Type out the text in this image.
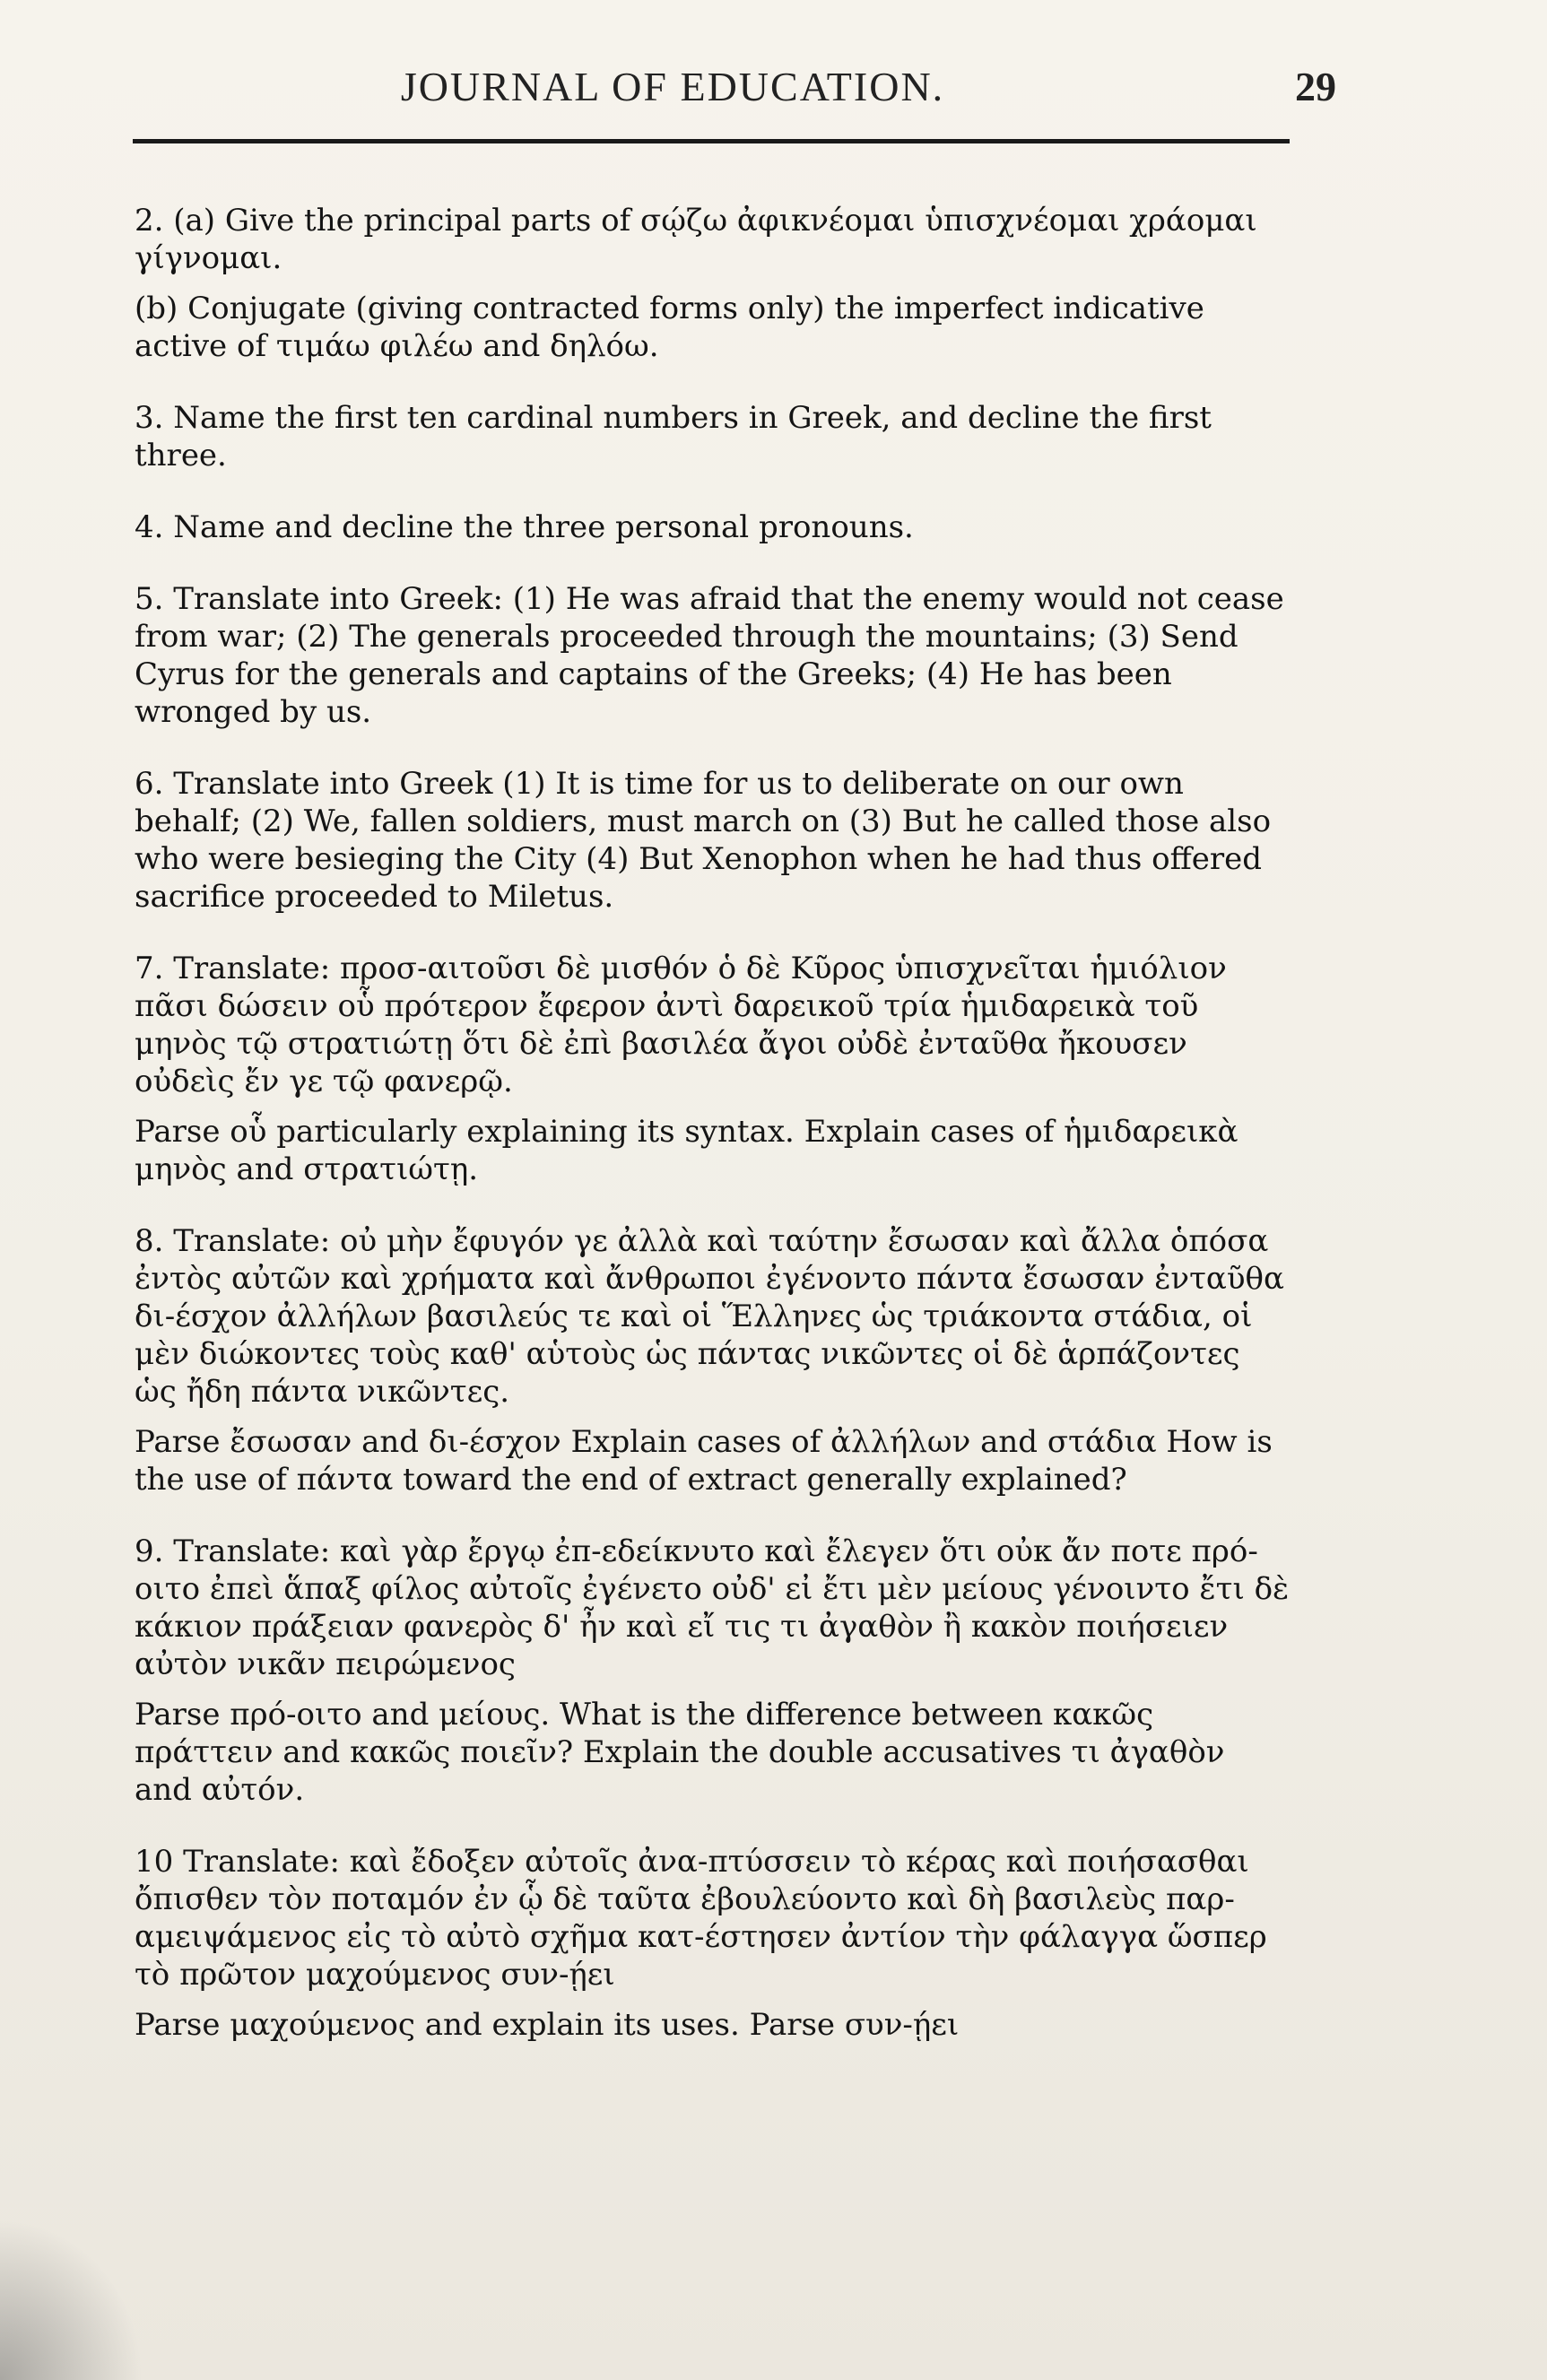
JOURNAL OF EDUCATION.	29

2. (a) Give the principal parts of σῴζω ἀφικνέομαι ὑπισχνέομαι χράομαι γίγνομαι.

(b) Conjugate (giving contracted forms only) the imperfect indicative active of τιμάω φιλέω and δηλόω.

3. Name the first ten cardinal numbers in Greek, and decline the first three.

4. Name and decline the three personal pronouns.

5. Translate into Greek: (1) He was afraid that the enemy would not cease from war; (2) The generals proceeded through the mountains; (3) Send Cyrus for the generals and captains of the Greeks; (4) He has been wronged by us.

6. Translate into Greek (1) It is time for us to deliberate on our own behalf; (2) We, fallen soldiers, must march on (3) But he called those also who were besieging the City (4) But Xenophon when he had thus offered sacrifice proceeded to Miletus.

7. Translate: προσ-αιτοῦσι δὲ μισθόν ὁ δὲ Κῦρος ὑπισχνεῖται ἡμιόλιον πᾶσι δώσειν οὗ πρότερον ἔφερον ἀντὶ δαρεικοῦ τρία ἡμιδαρεικὰ τοῦ μηνὸς τῷ στρατιώτῃ ὅτι δὲ ἐπὶ βασιλέα ἄγοι οὐδὲ ἐνταῦθα ἤκουσεν οὐδεὶς ἔν γε τῷ φανερῷ.

Parse οὗ particularly explaining its syntax. Explain cases of ἡμιδαρεικὰ μηνὸς and στρατιώτῃ.

8. Translate: οὐ μὴν ἔφυγόν γε ἀλλὰ καὶ ταύτην ἔσωσαν καὶ ἄλλα ὁπόσα ἐντὸς αὐτῶν καὶ χρήματα καὶ ἄνθρωποι ἐγένοντο πάντα ἔσωσαν ἐνταῦθα δι-έσχον ἀλλήλων βασιλεύς τε καὶ οἱ Ἕλληνες ὡς τριάκοντα στάδια, οἱ μὲν διώκοντες τοὺς καθ' αὑτοὺς ὡς πάντας νικῶντες οἱ δὲ ἁρπάζοντες ὡς ἤδη πάντα νικῶντες.

Parse ἔσωσαν and δι-έσχον Explain cases of ἀλλήλων and στάδια How is the use of πάντα toward the end of extract generally explained?

9. Translate: καὶ γὰρ ἔργῳ ἐπ-εδείκνυτο καὶ ἔλεγεν ὅτι οὐκ ἄν ποτε πρό-οιτο ἐπεὶ ἅπαξ φίλος αὐτοῖς ἐγένετο οὐδ' εἰ ἔτι μὲν μείους γένοιντο ἔτι δὲ κάκιον πράξειαν φανερὸς δ' ἦν καὶ εἴ τις τι ἀγαθὸν ἢ κακὸν ποιήσειεν αὐτὸν νικᾶν πειρώμενος

Parse πρό-οιτο and μείους. What is the difference between κακῶς πράττειν and κακῶς ποιεῖν? Explain the double accusatives τι ἀγαθὸν and αὐτόν.

10 Translate: καὶ ἔδοξεν αὐτοῖς ἀνα-πτύσσειν τὸ κέρας καὶ ποιήσασθαι ὄπισθεν τὸν ποταμόν ἐν ᾧ δὲ ταῦτα ἐβουλεύοντο καὶ δὴ βασιλεὺς παρ-αμειψάμενος εἰς τὸ αὐτὸ σχῆμα κατ-έστησεν ἀντίον τὴν φάλαγγα ὥσπερ τὸ πρῶτον μαχούμενος συν-ῄει

Parse μαχούμενος and explain its uses. Parse συν-ῄει
